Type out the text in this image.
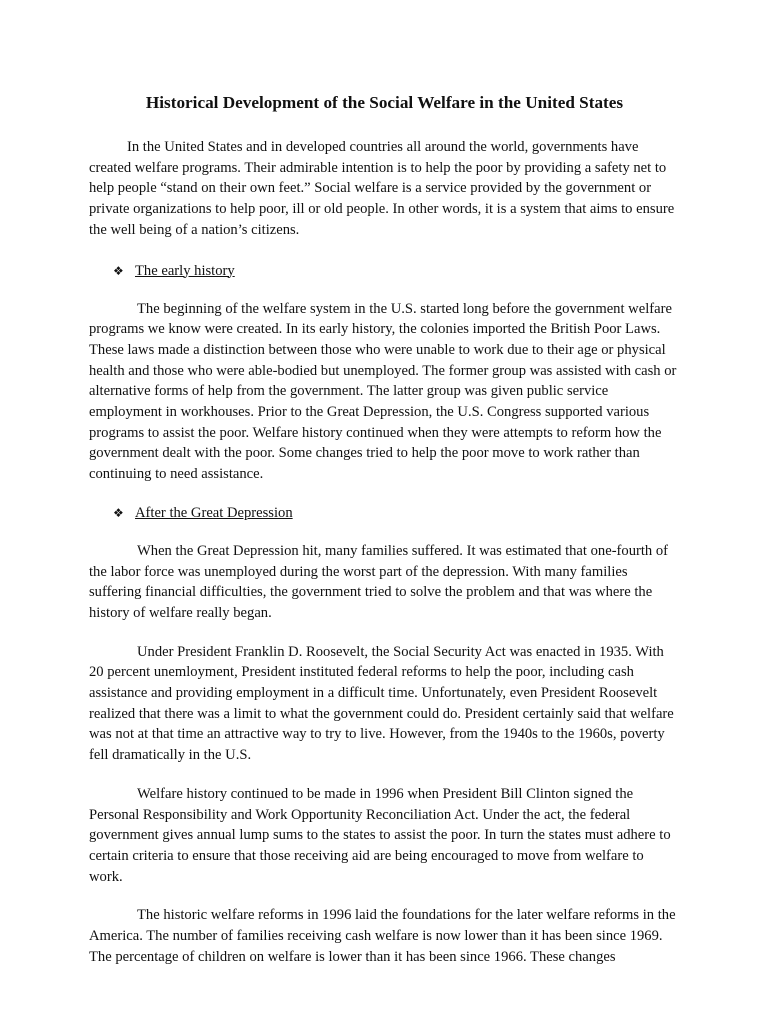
Historical Development of the Social Welfare in the United States

In the United States and in developed countries all around the world, governments have created welfare programs. Their admirable intention is to help the poor by providing a safety net to help people “stand on their own feet.” Social welfare is a service provided by the government or private organizations to help poor, ill or old people. In other words, it is a system that aims to ensure the well being of a nation’s citizens.

❖ The early history

The beginning of the welfare system in the U.S. started long before the government welfare programs we know were created. In its early history, the colonies imported the British Poor Laws. These laws made a distinction between those who were unable to work due to their age or physical health and those who were able-bodied but unemployed. The former group was assisted with cash or alternative forms of help from the government. The latter group was given public service employment in workhouses. Prior to the Great Depression, the U.S. Congress supported various programs to assist the poor. Welfare history continued when they were attempts to reform how the government dealt with the poor. Some changes tried to help the poor move to work rather than continuing to need assistance.

❖ After the Great Depression

When the Great Depression hit, many families suffered. It was estimated that one-fourth of the labor force was unemployed during the worst part of the depression. With many families suffering financial difficulties, the government tried to solve the problem and that was where the history of welfare really began.

Under President Franklin D. Roosevelt, the Social Security Act was enacted in 1935. With 20 percent unemloyment, President instituted federal reforms to help the poor, including cash assistance and providing employment in a difficult time. Unfortunately, even President Roosevelt realized that there was a limit to what the government could do. President certainly said that welfare was not at that time an attractive way to try to live. However, from the 1940s to the 1960s, poverty fell dramatically in the U.S.

Welfare history continued to be made in 1996 when President Bill Clinton signed the Personal Responsibility and Work Opportunity Reconciliation Act. Under the act, the federal government gives annual lump sums to the states to assist the poor. In turn the states must adhere to certain criteria to ensure that those receiving aid are being encouraged to move from welfare to work.

The historic welfare reforms in 1996 laid the foundations for the later welfare reforms in the America. The number of families receiving cash welfare is now lower than it has been since 1969. The percentage of children on welfare is lower than it has been since 1966. These changes
